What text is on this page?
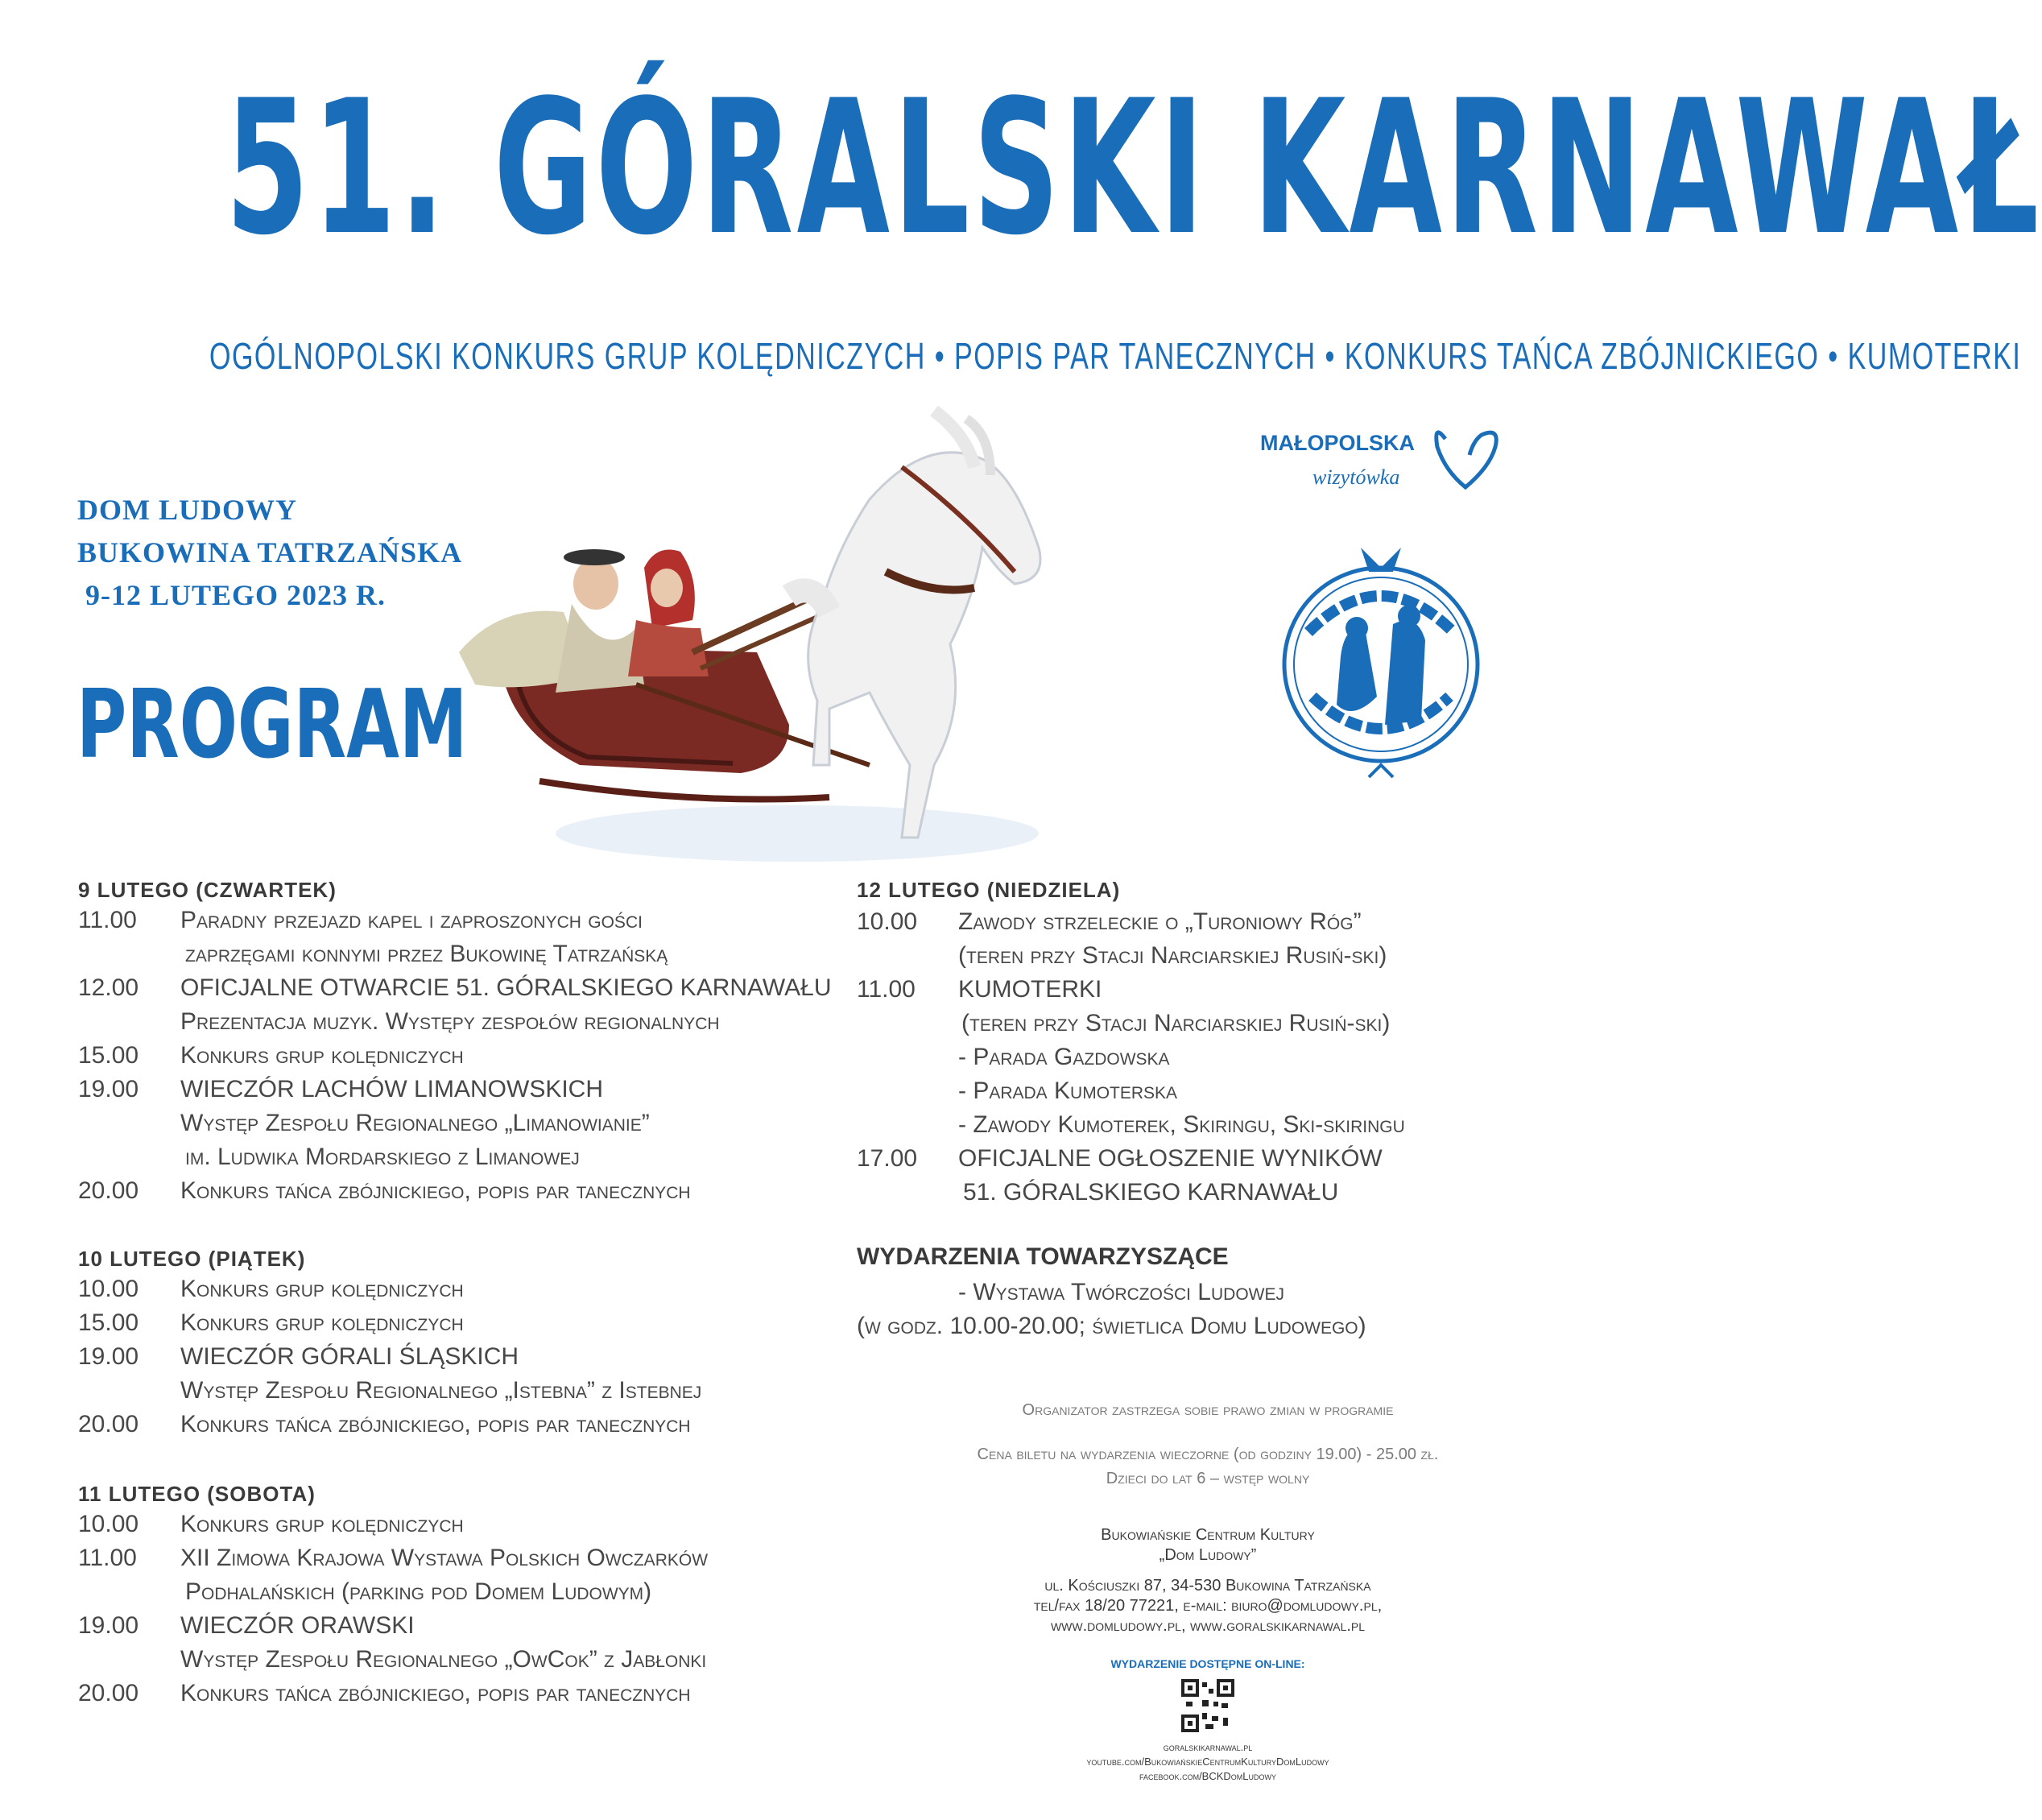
51. GÓRALSKI KARNAWAŁ
OGÓLNOPOLSKI KONKURS GRUP KOLĘDNICZYCH • POPIS PAR TANECZNYCH • KONKURS TAŃCA ZBÓJNICKIEGO • KUMOTERKI
DOM LUDOWY
BUKOWINA TATRZAŃSKA
9-12 LUTEGO 2023 R.
PROGRAM
MAŁOPOLSKA
wizytówka
9 LUTEGO (CZWARTEK)
11.00 Paradny przejazd kapel i zaproszonych gości
zaprzęgami konnymi przez Bukowinę Tatrzańską
12.00 OFICJALNE OTWARCIE 51. GÓRALSKIEGO KARNAWAŁU
Prezentacja muzyk. Występy zespołów regionalnych
15.00 Konkurs grup kolędniczych
19.00 WIECZÓR LACHÓW LIMANOWSKICH
Występ Zespołu Regionalnego „Limanowianie”
im. Ludwika Mordarskiego z Limanowej
20.00 Konkurs tańca zbójnickiego, popis par tanecznych
10 LUTEGO (PIĄTEK)
10.00 Konkurs grup kolędniczych
15.00 Konkurs grup kolędniczych
19.00 WIECZÓR GÓRALI ŚLĄSKICH
Występ Zespołu Regionalnego „Istebna” z Istebnej
20.00 Konkurs tańca zbójnickiego, popis par tanecznych
11 LUTEGO (SOBOTA)
10.00 Konkurs grup kolędniczych
11.00 XII Zimowa Krajowa Wystawa Polskich Owczarków
Podhalańskich (parking pod Domem Ludowym)
19.00 WIECZÓR ORAWSKI
Występ Zespołu Regionalnego „OwCok” z Jabłonki
20.00 Konkurs tańca zbójnickiego, popis par tanecznych
12 LUTEGO (NIEDZIELA)
10.00 Zawody strzeleckie o „Turoniowy Róg”
(teren przy Stacji Narciarskiej Rusiń-ski)
11.00 KUMOTERKI
(teren przy Stacji Narciarskiej Rusiń-ski)
- Parada Gazdowska
- Parada Kumoterska
- Zawody Kumoterek, Skiringu, Ski-skiringu
17.00 OFICJALNE OGŁOSZENIE WYNIKÓW
51. GÓRALSKIEGO KARNAWAŁU
WYDARZENIA TOWARZYSZĄCE
- Wystawa Twórczości Ludowej
(w godz. 10.00-20.00; świetlica Domu Ludowego)
Organizator zastrzega sobie prawo zmian w programie
Cena biletu na wydarzenia wieczorne (od godziny 19.00) - 25.00 zł.
Dzieci do lat 6 – wstęp wolny
Bukowiańskie Centrum Kultury
„Dom Ludowy”
ul. Kościuszki 87, 34-530 Bukowina Tatrzańska
tel/fax 18/20 77221, e-mail: biuro@domludowy.pl,
www.domludowy.pl, www.goralskikarnawal.pl
WYDARZENIE DOSTĘPNE ON-LINE:
goralskikarnawal.pl
youtube.com/BukowiańskieCentrumKulturyDomLudowy
facebook.com/BCKDomLudowy
